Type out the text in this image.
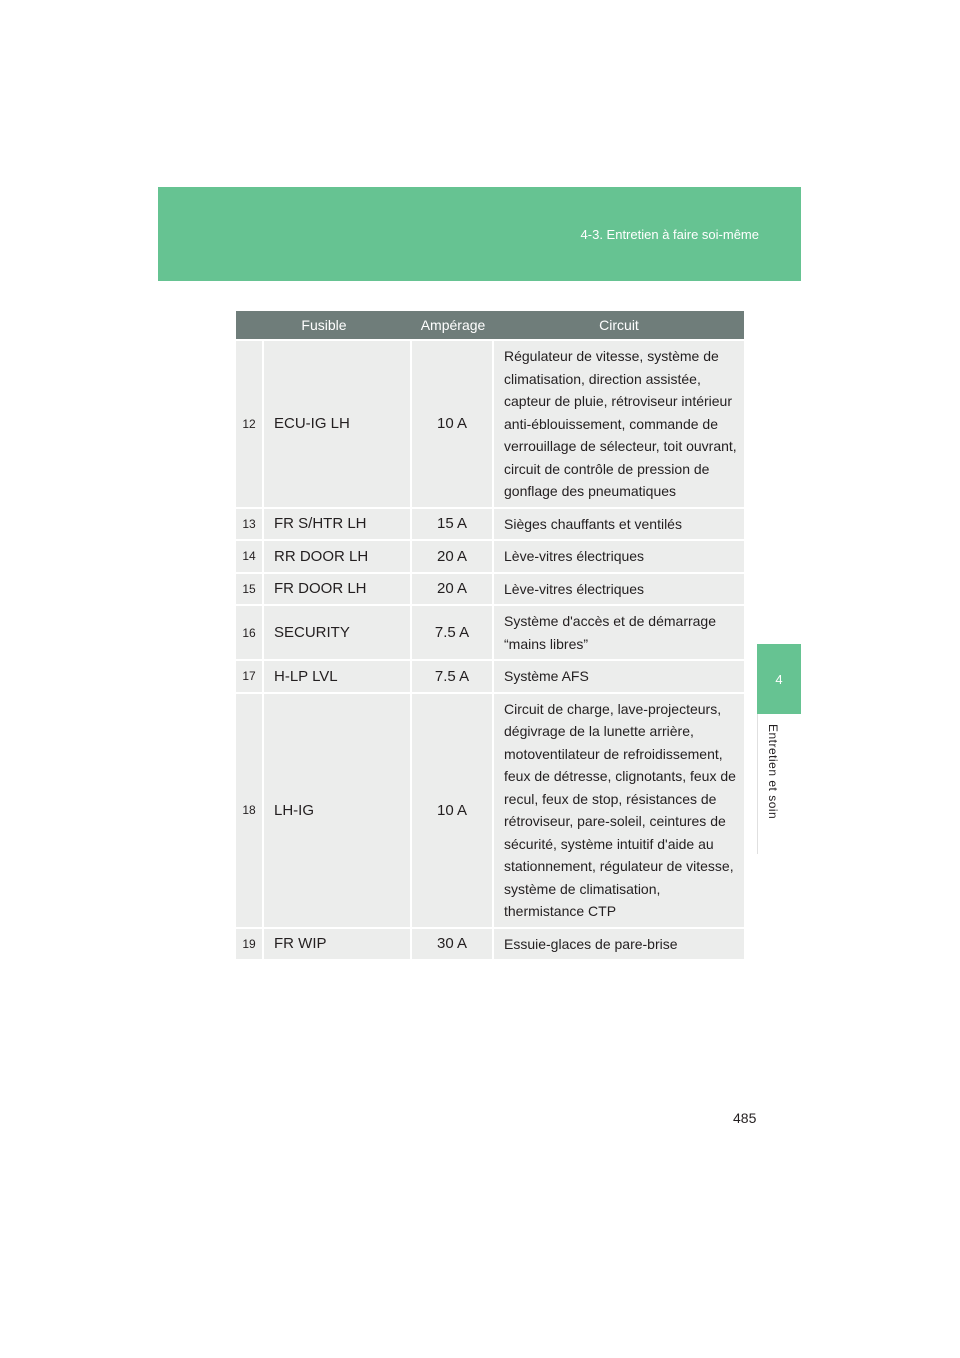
4-3. Entretien à faire soi-même
4
Entretien et soin
Fusible		Ampérage	Circuit
12	ECU-IG LH	10 A	Régulateur de vitesse, système de climatisation, direction assistée, capteur de pluie, rétroviseur intérieur anti-éblouissement, commande de verrouillage de sélecteur, toit ouvrant, circuit de contrôle de pression de gonflage des pneumatiques
13	FR S/HTR LH	15 A	Sièges chauffants et ventilés
14	RR DOOR LH	20 A	Lève-vitres électriques
15	FR DOOR LH	20 A	Lève-vitres électriques
16	SECURITY	7.5 A	Système d'accès et de démarrage “mains libres”
17	H-LP LVL	7.5 A	Système AFS
18	LH-IG	10 A	Circuit de charge, lave-projecteurs, dégivrage de la lunette arrière, motoventilateur de refroidissement, feux de détresse, clignotants, feux de recul, feux de stop, résistances de rétroviseur, pare-soleil, ceintures de sécurité, système intuitif d'aide au stationnement, régulateur de vitesse, système de climatisation, thermistance CTP
19	FR WIP	30 A	Essuie-glaces de pare-brise
485
